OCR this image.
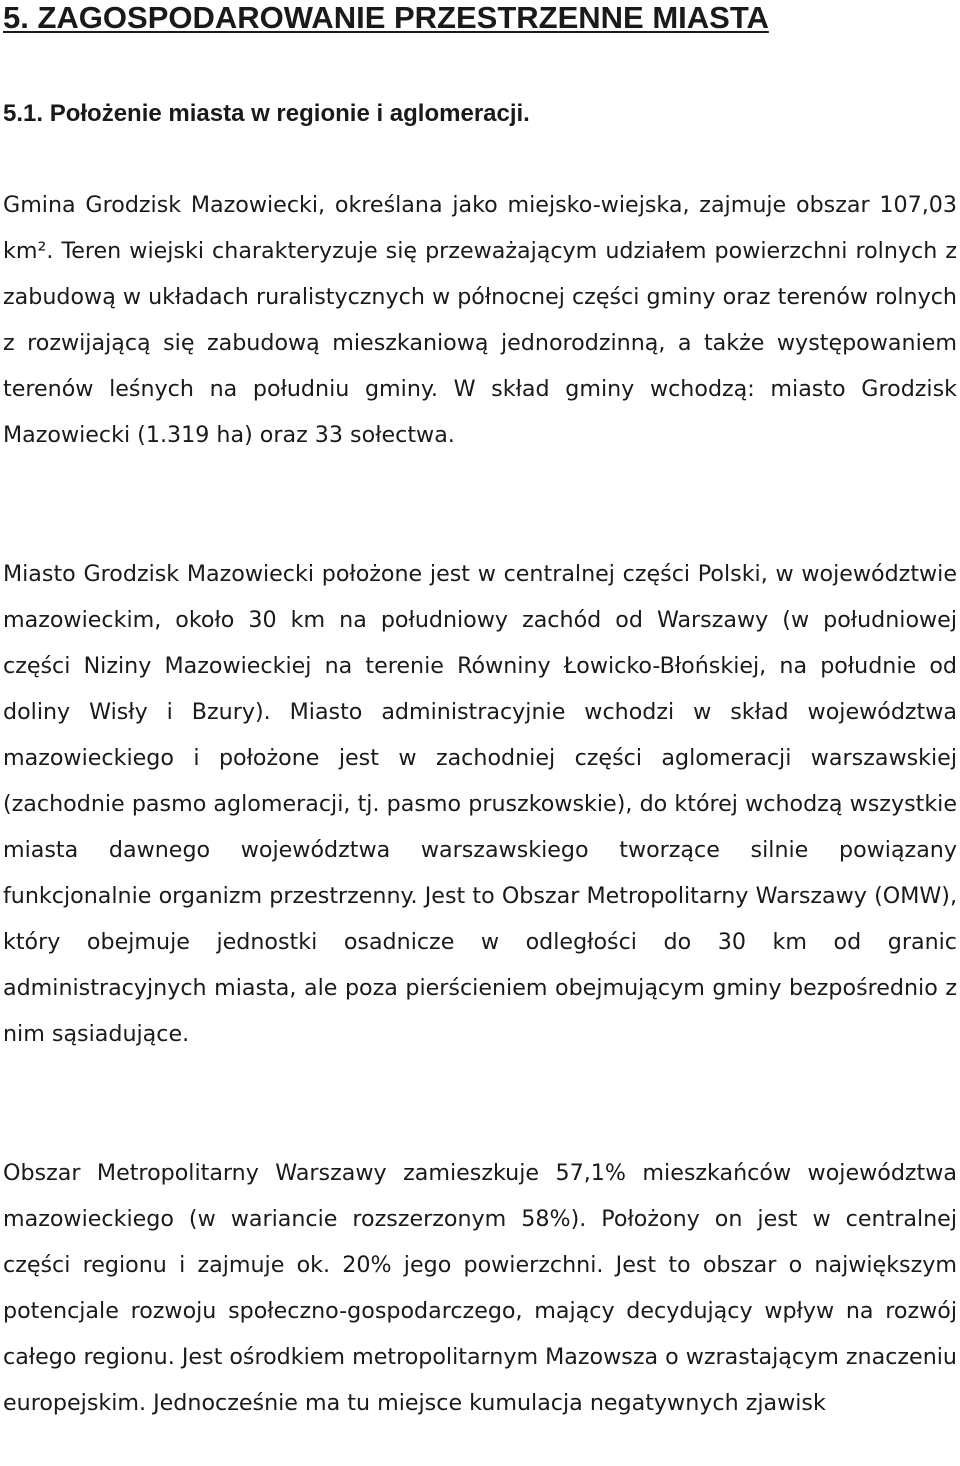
5. ZAGOSPODAROWANIE PRZESTRZENNE MIASTA
5.1. Położenie miasta w regionie i aglomeracji.

Gmina Grodzisk Mazowiecki, określana jako miejsko-wiejska, zajmuje obszar 107,03 km². Teren wiejski charakteryzuje się przeważającym udziałem powierzchni rolnych z zabudową w układach ruralistycznych w północnej części gminy oraz terenów rolnych z rozwijającą się zabudową mieszkaniową jednorodzinną, a także występowaniem terenów leśnych na południu gminy. W skład gminy wchodzą: miasto Grodzisk Mazowiecki (1.319 ha) oraz 33 sołectwa.

Miasto Grodzisk Mazowiecki położone jest w centralnej części Polski, w województwie mazowieckim, około 30 km na południowy zachód od Warszawy (w południowej części Niziny Mazowieckiej na terenie Równiny Łowicko-Błońskiej, na południe od doliny Wisły i Bzury). Miasto administracyjnie wchodzi w skład województwa mazowieckiego i położone jest w zachodniej części aglomeracji warszawskiej (zachodnie pasmo aglomeracji, tj. pasmo pruszkowskie), do której wchodzą wszystkie miasta dawnego województwa warszawskiego tworzące silnie powiązany funkcjonalnie organizm przestrzenny. Jest to Obszar Metropolitarny Warszawy (OMW), który obejmuje jednostki osadnicze w odległości do 30 km od granic administracyjnych miasta, ale poza pierścieniem obejmującym gminy bezpośrednio z nim sąsiadujące.

Obszar Metropolitarny Warszawy zamieszkuje 57,1% mieszkańców województwa mazowieckiego (w wariancie rozszerzonym 58%). Położony on jest w centralnej części regionu i zajmuje ok. 20% jego powierzchni. Jest to obszar o największym potencjale rozwoju społeczno-gospodarczego, mający decydujący wpływ na rozwój całego regionu. Jest ośrodkiem metropolitarnym Mazowsza o wzrastającym znaczeniu europejskim. Jednocześnie ma tu miejsce kumulacja negatywnych zjawisk
